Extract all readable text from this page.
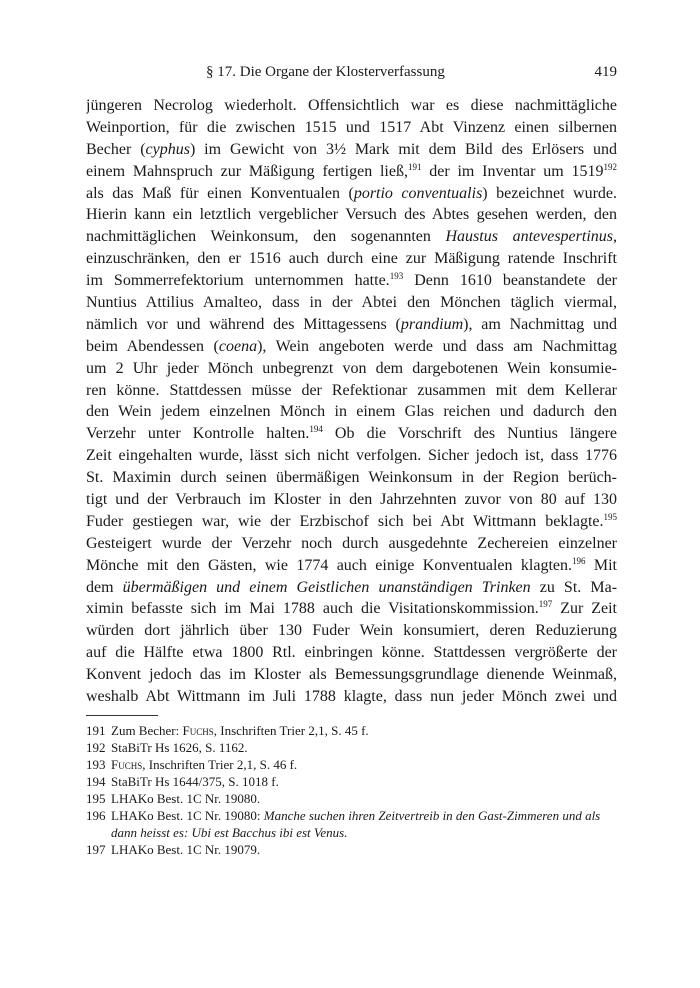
§ 17. Die Organe der Klosterverfassung	419
jüngeren Necrolog wiederholt. Offensichtlich war es diese nachmittägliche
Weinportion, für die zwischen 1515 und 1517 Abt Vinzenz einen silbernen
Becher (cyphus) im Gewicht von 3½ Mark mit dem Bild des Erlösers und
einem Mahnspruch zur Mäßigung fertigen ließ,$^{191}$ der im Inventar um 1519$^{192}$
als das Maß für einen Konventualen (portio conventualis) bezeichnet wurde.
Hierin kann ein letztlich vergeblicher Versuch des Abtes gesehen werden, den
nachmittäglichen Weinkonsum, den sogenannten Haustus antevespertinus,
einzuschränken, den er 1516 auch durch eine zur Mäßigung ratende Inschrift
im Sommerrefektorium unternommen hatte.$^{193}$ Denn 1610 beanstandete der
Nuntius Attilius Amalteo, dass in der Abtei den Mönchen täglich viermal,
nämlich vor und während des Mittagessens (prandium), am Nachmittag und
beim Abendessen (coena), Wein angeboten werde und dass am Nachmittag
um 2 Uhr jeder Mönch unbegrenzt von dem dargebotenen Wein konsumie-
ren könne. Stattdessen müsse der Refektionar zusammen mit dem Kellerar
den Wein jedem einzelnen Mönch in einem Glas reichen und dadurch den
Verzehr unter Kontrolle halten.$^{194}$ Ob die Vorschrift des Nuntius längere
Zeit eingehalten wurde, lässt sich nicht verfolgen. Sicher jedoch ist, dass 1776
St. Maximin durch seinen übermäßigen Weinkonsum in der Region berüch-
tigt und der Verbrauch im Kloster in den Jahrzehnten zuvor von 80 auf 130
Fuder gestiegen war, wie der Erzbischof sich bei Abt Wittmann beklagte.$^{195}$
Gesteigert wurde der Verzehr noch durch ausgedehnte Zechereien einzelner
Mönche mit den Gästen, wie 1774 auch einige Konventualen klagten.$^{196}$ Mit
dem übermäßigen und einem Geistlichen unanständigen Trinken zu St. Ma-
ximin befasste sich im Mai 1788 auch die Visitationskommission.$^{197}$ Zur Zeit
würden dort jährlich über 130 Fuder Wein konsumiert, deren Reduzierung
auf die Hälfte etwa 1800 Rtl. einbringen könne. Stattdessen vergrößerte der
Konvent jedoch das im Kloster als Bemessungsgrundlage dienende Weinmaß,
weshalb Abt Wittmann im Juli 1788 klagte, dass nun jeder Mönch zwei und
191 Zum Becher: Fuchs, Inschriften Trier 2,1, S. 45 f.
192 StaBiTr Hs 1626, S. 1162.
193 Fuchs, Inschriften Trier 2,1, S. 46 f.
194 StaBiTr Hs 1644/375, S. 1018 f.
195 LHAKo Best. 1C Nr. 19080.
196 LHAKo Best. 1C Nr. 19080: Manche suchen ihren Zeitvertreib in den Gast-Zimmeren und als dann heisst es: Ubi est Bacchus ibi est Venus.
197 LHAKo Best. 1C Nr. 19079.
